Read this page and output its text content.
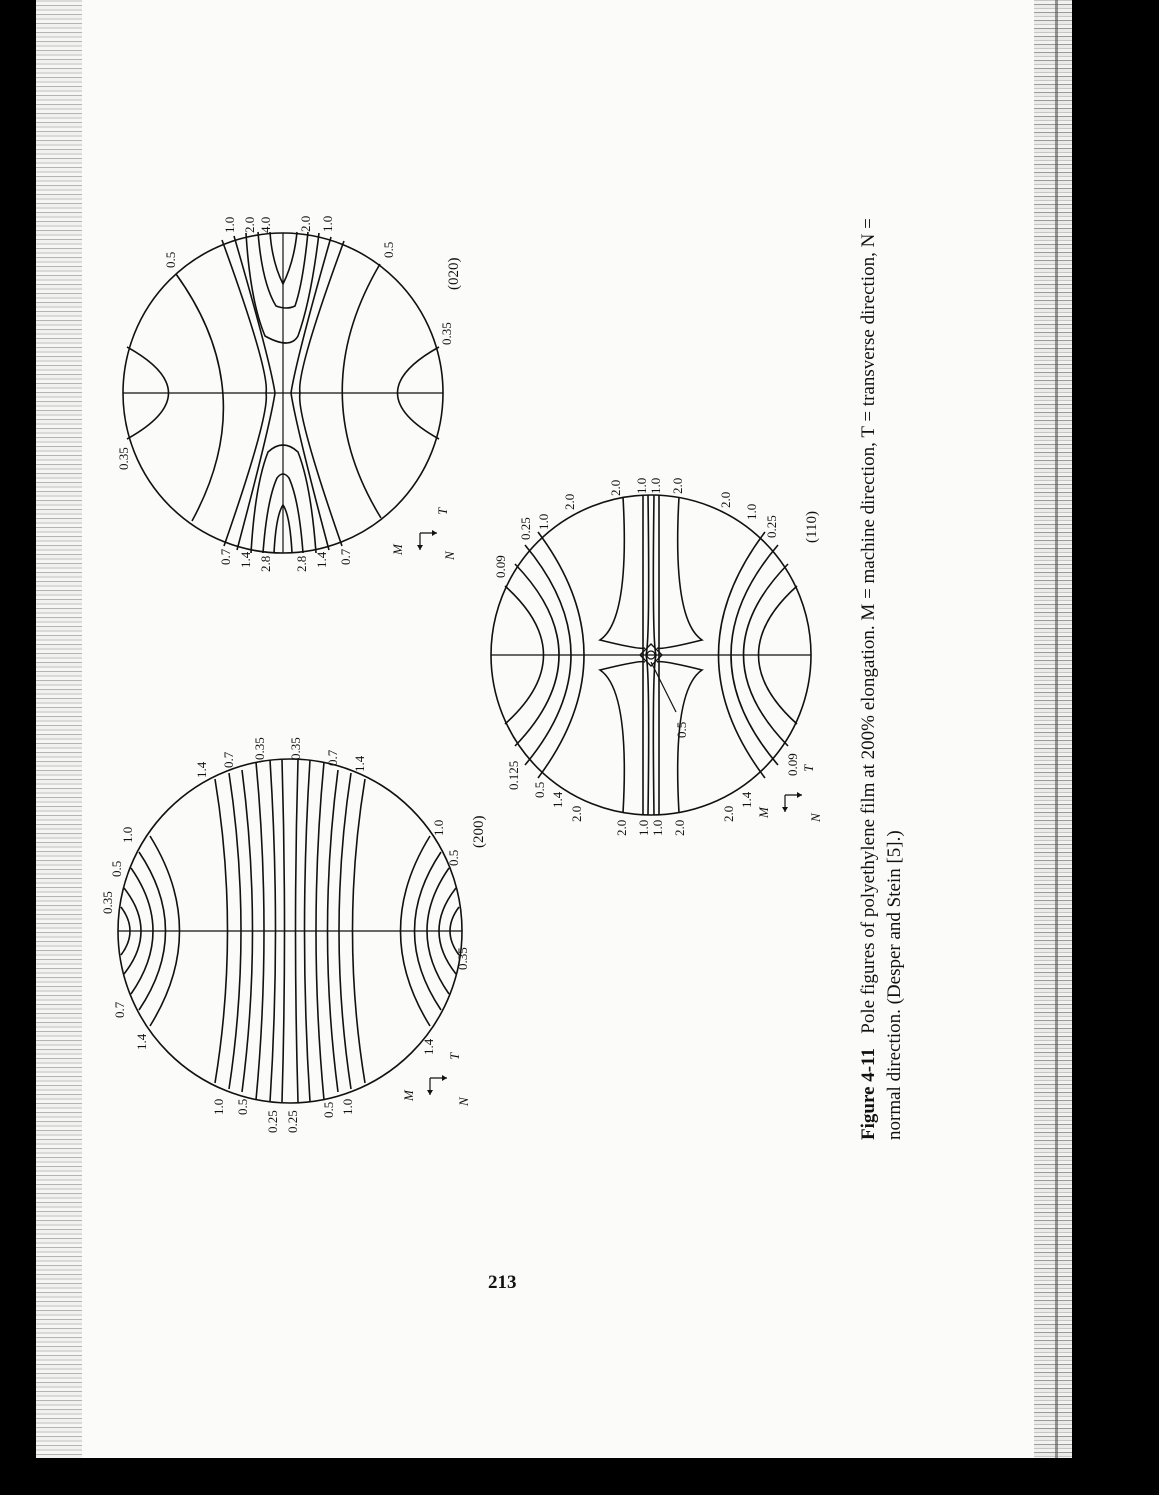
1.0 0.5
0.25 0.25
0.5 1.0
1.4
0.7 0.35 0.35 0.7 1.4
1.4
0.7
0.35
0.5
1.0
1.4
0.35
0.5
1.0 (200)
M
T
N
0.7 1.4 2.8 2.8 1.4 0.7
1.0 2.0 4.0 2.0 1.0
0.35
0.5
0.35
0.5
(020)
M
T
N
0.5
2.0 1.0 1.0 2.0
2.0
1.4
0.09
0.09
0.25 1.0
2.0
2.0 1.0 1.0 2.0
2.0
1.0
0.25
0.125 0.5
1.4
2.0
(110)
M
T
N
Figure 4-11   Pole figures of polyethylene film at 200% elongation. M = machine direction, T = transverse direction, N = normal direction. (Desper and Stein [5].)
213
